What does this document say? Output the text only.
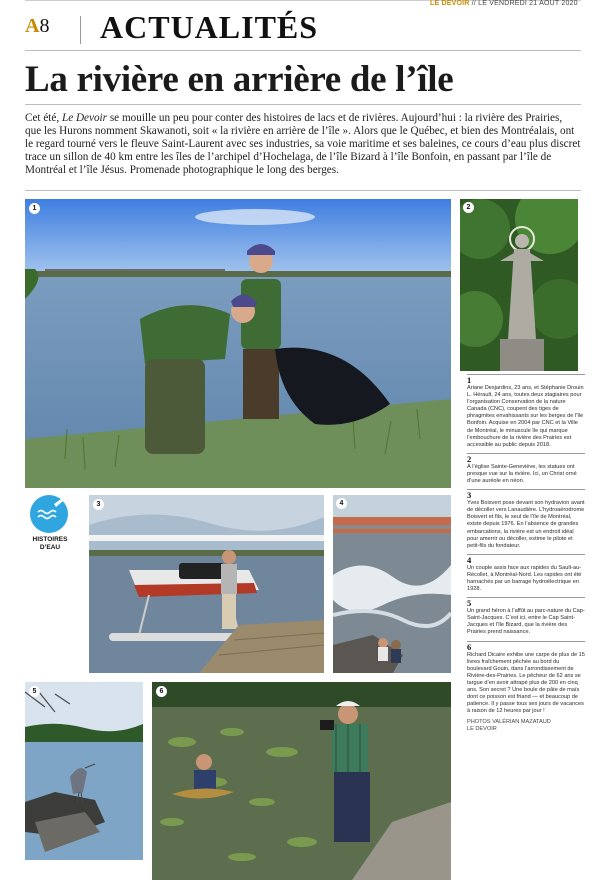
LE DEVOIR // LE VENDREDI 21 AOÛT 2020
A8 ACTUALITÉS
La rivière en arrière de l’île

Cet été, Le Devoir se mouille un peu pour conter des histoires de lacs et de rivières. Aujourd’hui : la rivière des Prairies, que les Hurons nomment Skawanoti, soit « la rivière en arrière de l’île ». Alors que le Québec, et bien des Montréalais, ont le regard tourné vers le fleuve Saint-Laurent avec ses industries, sa voie maritime et ses baleines, ce cours d’eau plus discret trace un sillon de 40 km entre les îles de l’archipel d’Hochelaga, de l’île Bizard à l’île Bonfoin, en passant par l’île de Montréal et l’île Jésus. Promenade photographique le long des berges.

1	2
HISTOIRES
D’EAU
3	4
5	6
1
Ariane Desjardins, 23 ans, et Stéphanie Drouin L. Hérault, 24 ans, toutes deux stagiaires pour l’organisation Conservation de la nature Canada (CNC), coupent des tiges de phragmites envahissants sur les berges de l’île Bonfoin. Acquise en 2004 par CNC et la Ville de Montréal, le minuscule île qui marque l’embouchure de la rivière des Prairies est accessible au public depuis 2018.
2
À l’église Sainte-Geneviève, les statues ont presque vue sur la rivière. Ici, un Christ orné d’une auréole en néon.
3
Yves Boisvert pose devant son hydravion avant de décoller vers Lanaudière. L’hydroaérodrome Boisvert et fils, le seul de l’île de Montréal, existe depuis 1976. En l’absence de grandes embarcations, la rivière est un endroit idéal pour amerrir ou décoller, estime le pilote et petit-fils du fondateur.
4
Un couple assis face aux rapides du Sault-au-Récollet, à Montréal-Nord. Les rapides ont été harnachés par un barrage hydroélectrique en 1928.
5
Un grand héron à l’affût au parc-nature du Cap-Saint-Jacques. C’est ici, entre le Cap Saint-Jacques et l’île Bizard, que la rivière des Prairies prend naissance.
6
Richard Dicaire exhibe une carpe de plus de 15 livres fraîchement pêchée au bord du boulevard Gouin, dans l’arrondissement de Rivière-des-Prairies. Le pêcheur de 62 ans se targue d’en avoir attrapé plus de 200 en cinq ans. Son secret ? Une boule de pâte de maïs dont ce poisson est friand — et beaucoup de patience. Il y passe tous ses jours de vacances à raison de 12 heures par jour !
PHOTOS VALÉRIAN MAZATAUD
LE DEVOIR
